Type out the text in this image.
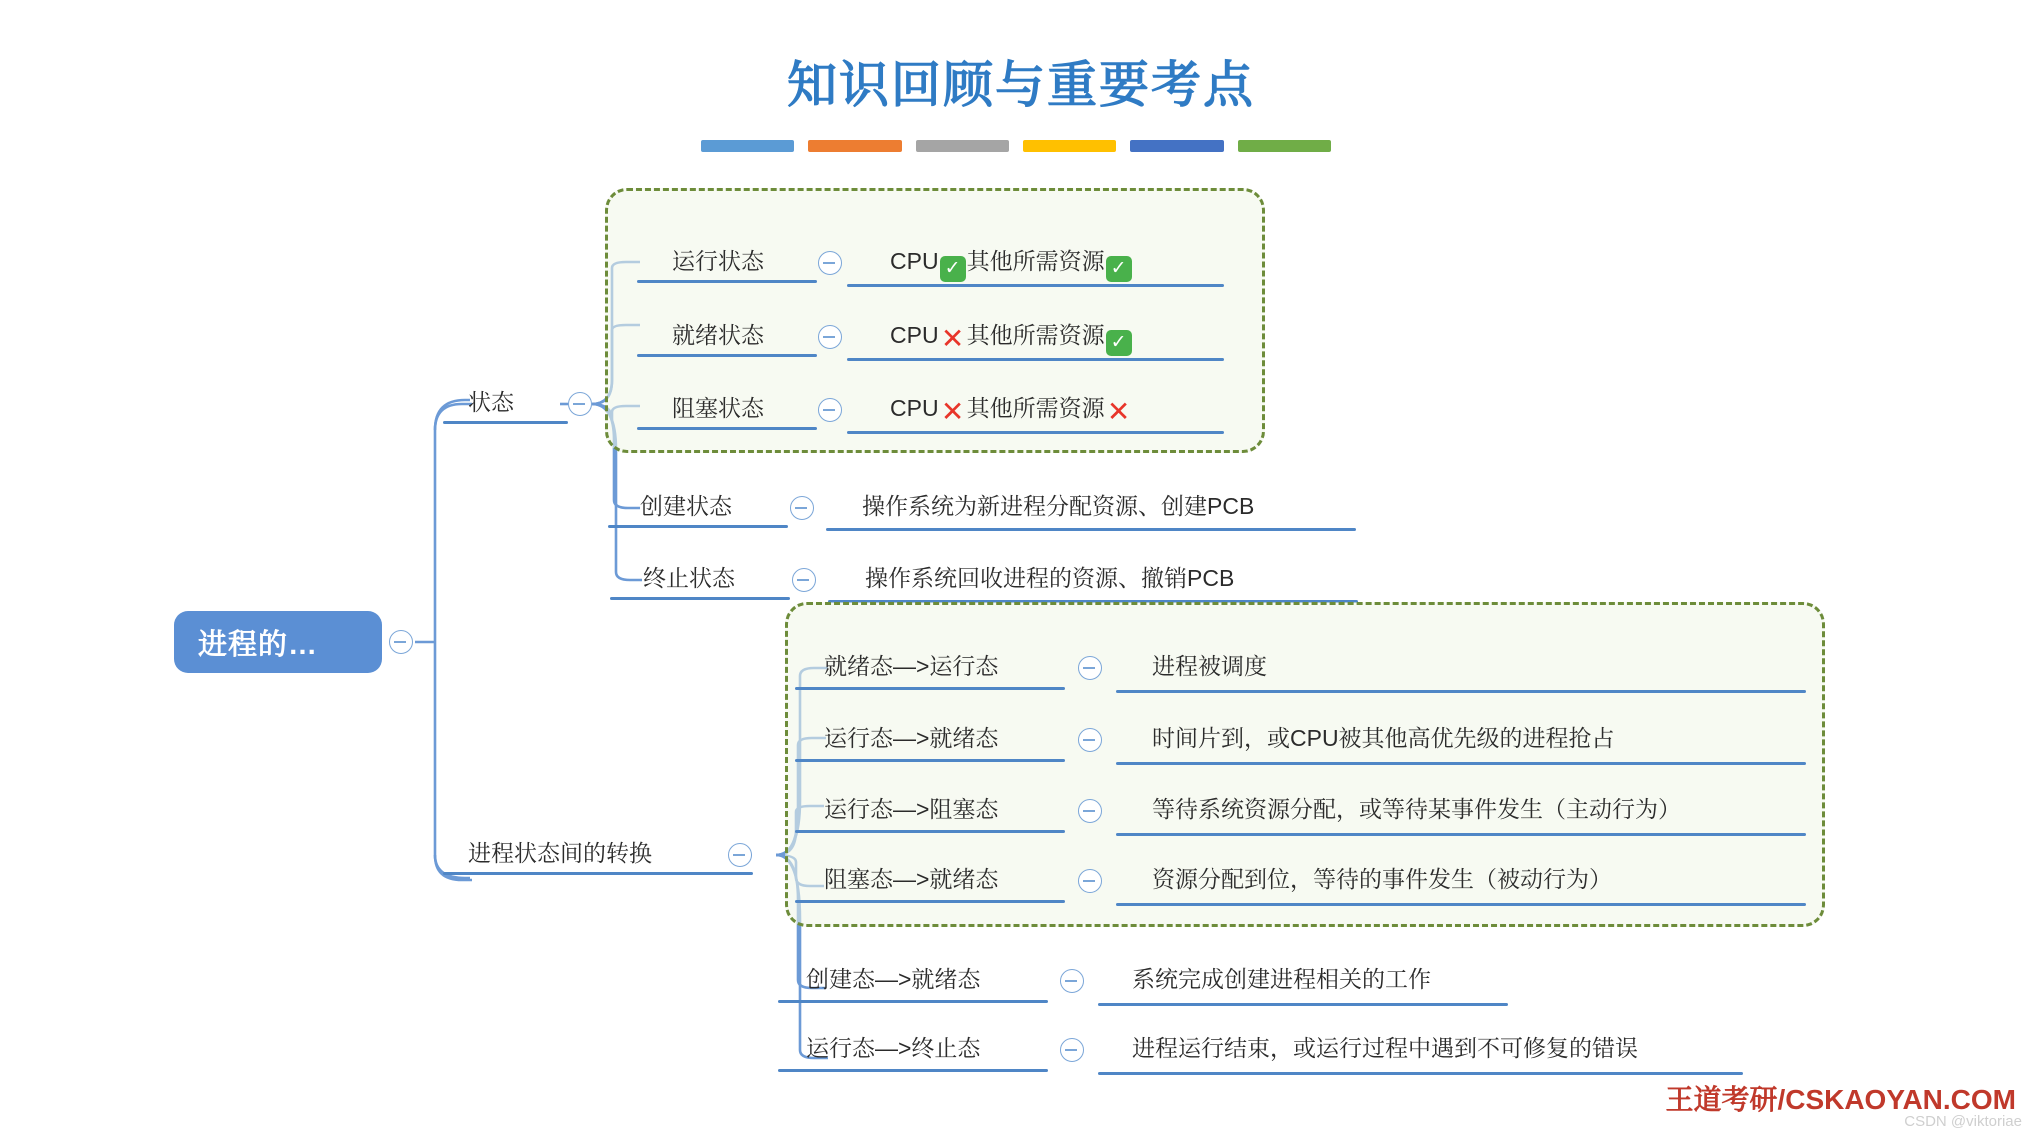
知识回顾与重要考点
进程的…
状态
运行状态	CPU ✓ 其他所需资源 ✓
就绪状态	CPU✕其他所需资源 ✓
阻塞状态	CPU✕其他所需资源✕
创建状态	操作系统为新进程分配资源、创建PCB
终止状态	操作系统回收进程的资源、撤销PCB
进程状态间的转换
就绪态—>运行态	进程被调度
运行态—>就绪态	时间片到，或CPU被其他高优先级的进程抢占
运行态—>阻塞态	等待系统资源分配，或等待某事件发生（主动行为）
阻塞态—>就绪态	资源分配到位，等待的事件发生（被动行为）
创建态—>就绪态	系统完成创建进程相关的工作
运行态—>终止态	进程运行结束，或运行过程中遇到不可修复的错误
王道考研/CSKAOYAN.COM
CSDN @viktoriae
